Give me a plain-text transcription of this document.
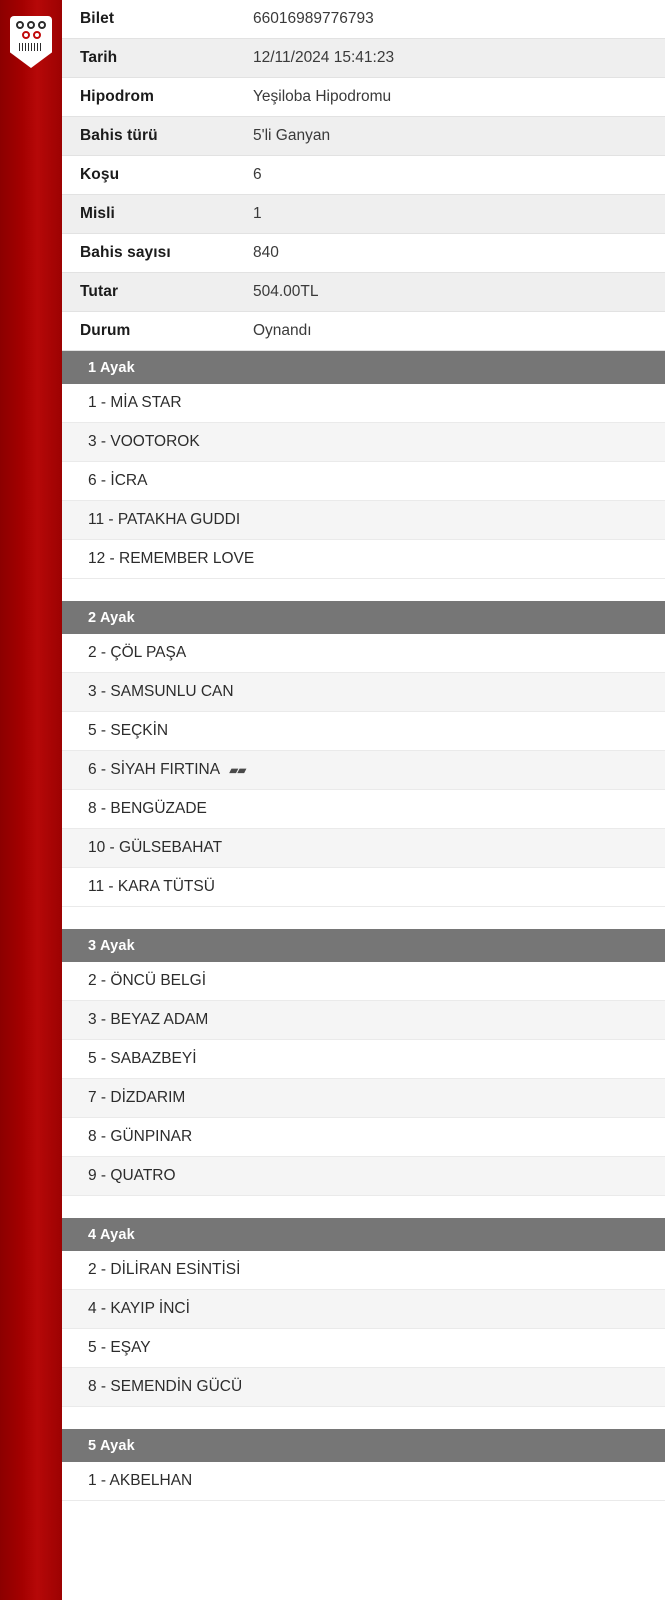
Bilet	66016989776793
Tarih	12/11/2024 15:41:23
Hipodrom	Yeşiloba Hipodromu
Bahis türü	5'li Ganyan
Koşu	6
Misli	1
Bahis sayısı	840
Tutar	504.00TL
Durum	Oynandı
1 Ayak
1 - MİA STAR
3 - VOOTOROK
6 - İCRA
11 - PATAKHA GUDDI
12 - REMEMBER LOVE
2 Ayak
2 - ÇÖL PAŞA
3 - SAMSUNLU CAN
5 - SEÇKİN
6 - SİYAH FIRTINA ▰▰
8 - BENGÜZADE
10 - GÜLSEBAHAT
11 - KARA TÜTSÜ
3 Ayak
2 - ÖNCÜ BELGİ
3 - BEYAZ ADAM
5 - SABAZBEYİ
7 - DİZDARIM
8 - GÜNPINAR
9 - QUATRO
4 Ayak
2 - DİLİRAN ESİNTİSİ
4 - KAYIP İNCİ
5 - EŞAY
8 - SEMENDİN GÜCÜ
5 Ayak
1 - AKBELHAN
